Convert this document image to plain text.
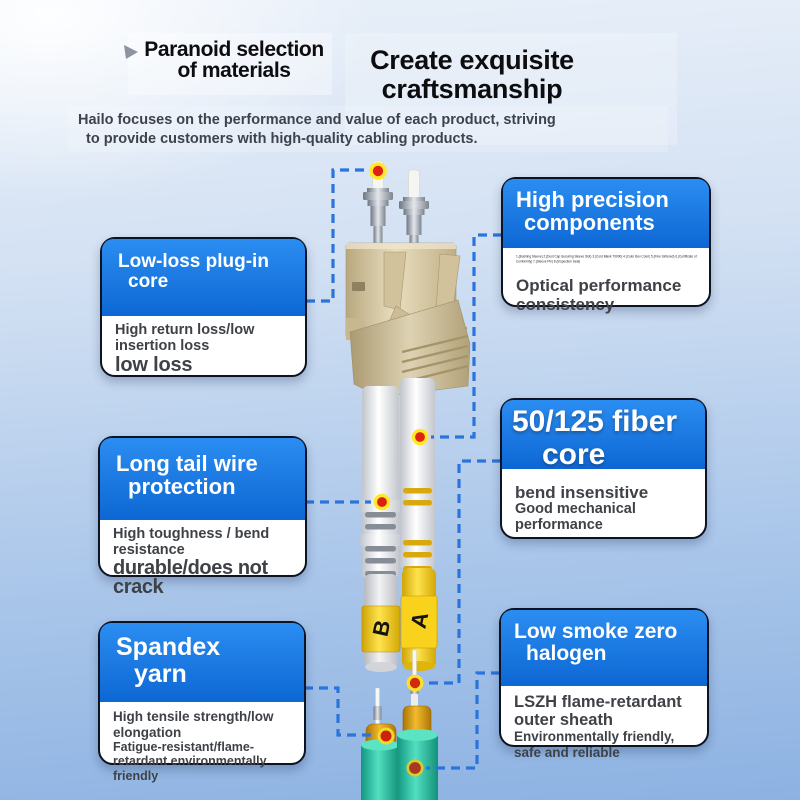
B A
Paranoid selection
of materials	Create exquisite
craftsmanship
Hailo focuses on the performance and value of each product, striving
to provide customers with high-quality cabling products.
Low-loss plug-in
core

High return loss/low insertion loss

low loss

High precision
components

1.(Bushing Sleeve) 2.(Dust Cap Securing Sleeve Slot) 3.(Cord Blank 70000) 4.(Color Box Color) 5.(Fine Sintered) 6.(Certificate of Conformity) 7.(Sleeve Pin) 8.(Inspection Seal)

Optical performance consistency

Long tail wire
protection

High toughness / bend resistance

durable/does not crack

50/125 fiber
core

bend insensitive

Good mechanical performance

Spandex
yarn

High tensile strength/low elongation

Fatigue-resistant/flame-retardant environmentally friendly

Low smoke zero
halogen

LSZH flame-retardant outer sheath

Environmentally friendly, safe and reliable
